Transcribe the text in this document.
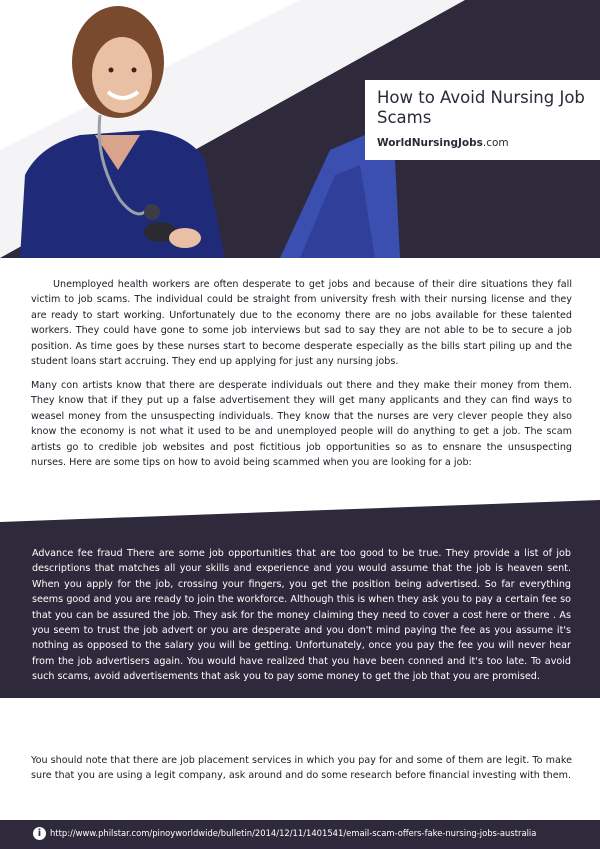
How to Avoid Nursing Job Scams
WorldNursingJobs.com

Unemployed health workers are often desperate to get jobs and because of their dire situations they fall victim to job scams. The individual could be straight from university fresh with their nursing license and they are ready to start working. Unfortunately due to the economy there are no jobs available for these talented workers. They could have gone to some job interviews but sad to say they are not able to be to secure a job position. As time goes by these nurses start to become desperate especially as the bills start piling up and the student loans start accruing. They end up applying for just any nursing jobs.

Many con artists know that there are desperate individuals out there and they make their money from them. They know that if they put up a false advertisement they will get many applicants and they can find ways to weasel money from the unsuspecting individuals. They know that the nurses are very clever people they also know the economy is not what it used to be and unemployed people will do anything to get a job. The scam artists go to credible job websites and post fictitious job opportunities so as to ensnare the unsuspecting nurses. Here are some tips on how to avoid being scammed when you are looking for a job:

Advance fee fraud There are some job opportunities that are too good to be true. They provide a list of job descriptions that matches all your skills and experience and you would assume that the job is heaven sent. When you apply for the job, crossing your fingers, you get the position being advertised. So far everything seems good and you are ready to join the workforce. Although this is when they ask you to pay a certain fee so that you can be assured the job. They ask for the money claiming they need to cover a cost here or there . As you seem to trust the job advert or you are desperate and you don't mind paying the fee as you assume it's nothing as opposed to the salary you will be getting. Unfortunately, once you pay the fee you will never hear from the job advertisers again. You would have realized that you have been conned and it's too late. To avoid such scams, avoid advertisements that ask you to pay some money to get the job that you are promised.

You should note that there are job placement services in which you pay for and some of them are legit. To make sure that you are using a legit company, ask around and do some research before financial investing with them.

i	http://www.philstar.com/pinoyworldwide/bulletin/2014/12/11/1401541/email-scam-offers-fake-nursing-jobs-australia
